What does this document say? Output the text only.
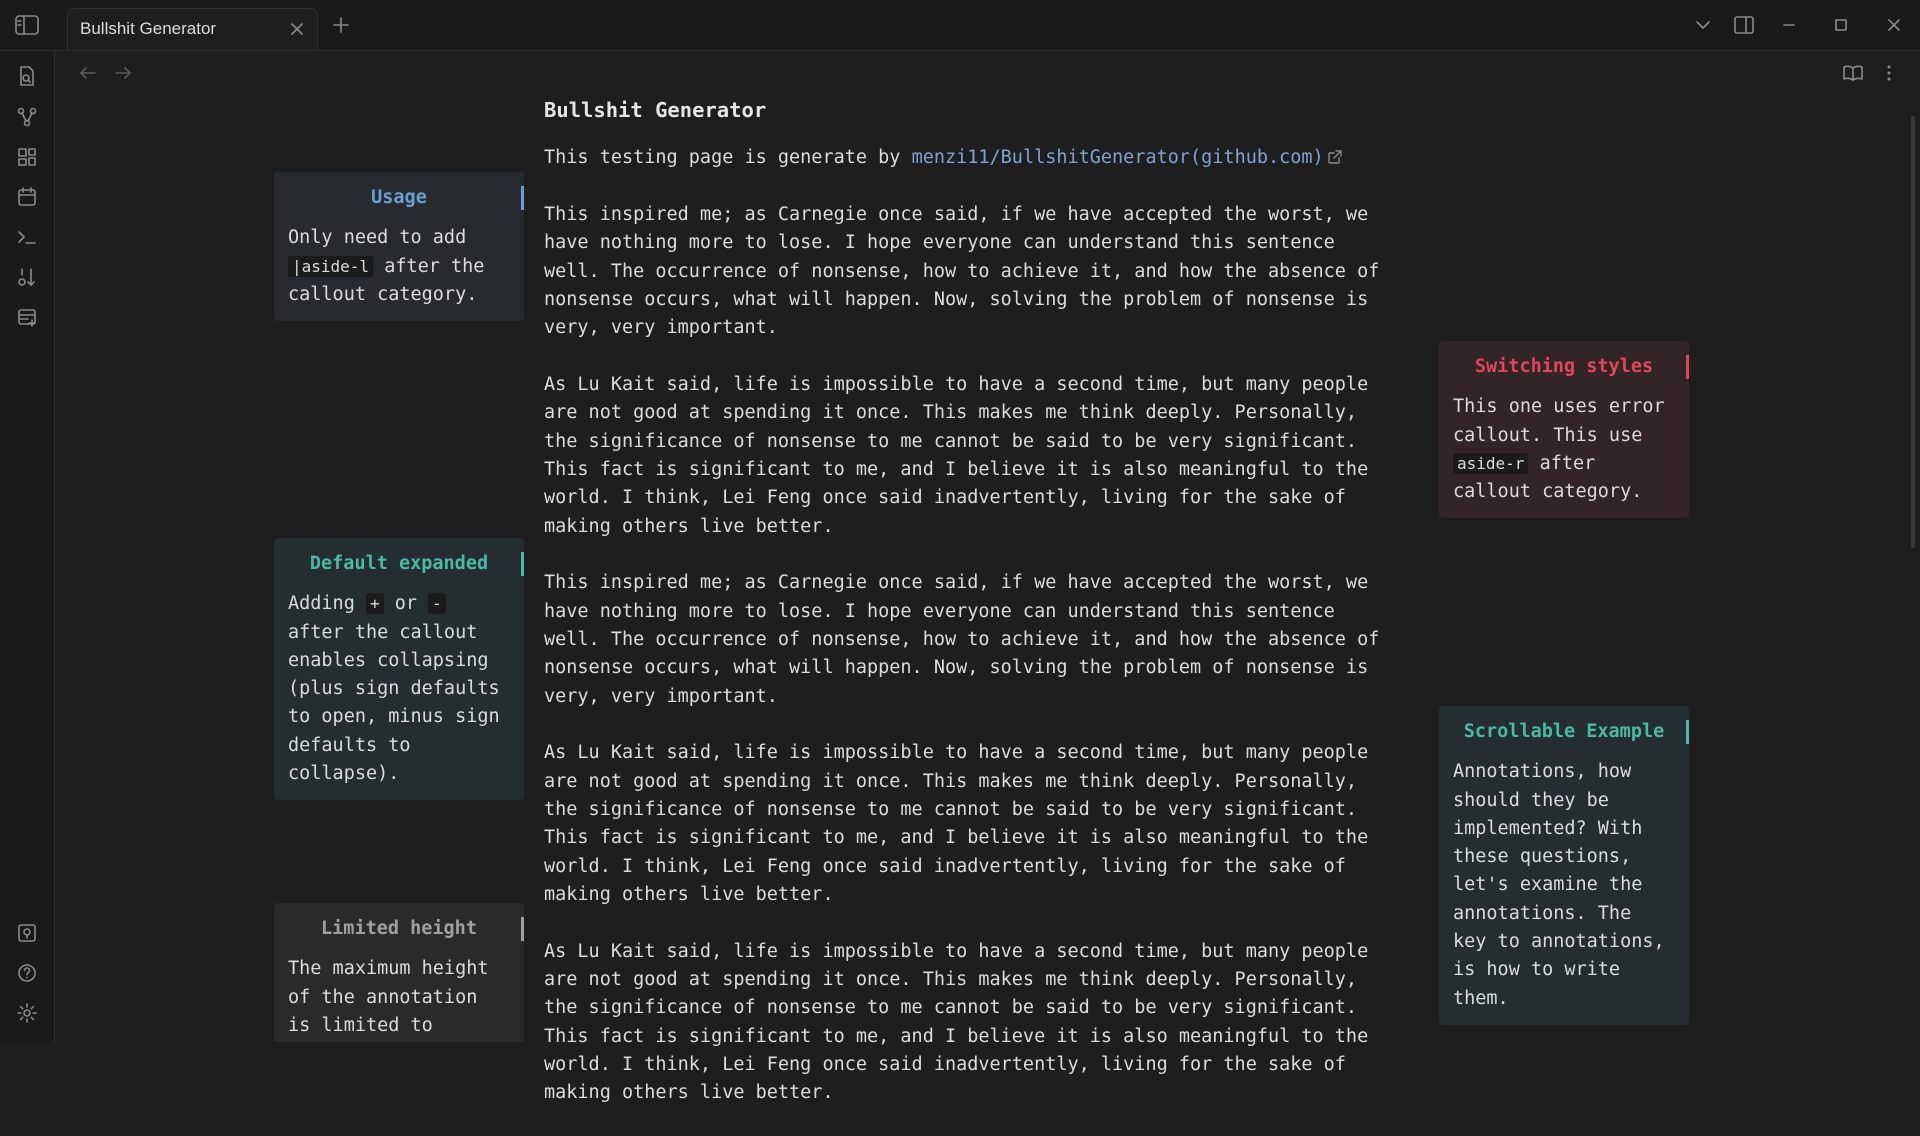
Bullshit Generator
Bullshit Generator

This testing page is generate by menzi11/BullshitGenerator(github.com)

This inspired me; as Carnegie once said, if we have accepted the worst, we have nothing more to lose. I hope everyone can understand this sentence well. The occurrence of nonsense, how to achieve it, and how the absence of nonsense occurs, what will happen. Now, solving the problem of nonsense is very, very important.

As Lu Kait said, life is impossible to have a second time, but many people are not good at spending it once. This makes me think deeply. Personally, the significance of nonsense to me cannot be said to be very significant. This fact is significant to me, and I believe it is also meaningful to the world. I think, Lei Feng once said inadvertently, living for the sake of making others live better.

This inspired me; as Carnegie once said, if we have accepted the worst, we have nothing more to lose. I hope everyone can understand this sentence well. The occurrence of nonsense, how to achieve it, and how the absence of nonsense occurs, what will happen. Now, solving the problem of nonsense is very, very important.

As Lu Kait said, life is impossible to have a second time, but many people are not good at spending it once. This makes me think deeply. Personally, the significance of nonsense to me cannot be said to be very significant. This fact is significant to me, and I believe it is also meaningful to the world. I think, Lei Feng once said inadvertently, living for the sake of making others live better.

As Lu Kait said, life is impossible to have a second time, but many people are not good at spending it once. This makes me think deeply. Personally, the significance of nonsense to me cannot be said to be very significant. This fact is significant to me, and I believe it is also meaningful to the world. I think, Lei Feng once said inadvertently, living for the sake of making others live better.

Usage
Only need to add |aside-l after the callout category.
Default expanded
Adding + or - after the callout enables collapsing (plus sign defaults to open, minus sign defaults to collapse).
Limited height
The maximum height of the annotation is limited to
Switching styles
This one uses error callout. This use aside-r after callout category.
Scrollable Example
Annotations, how should they be implemented? With these questions, let's examine the annotations. The key to annotations, is how to write them.
